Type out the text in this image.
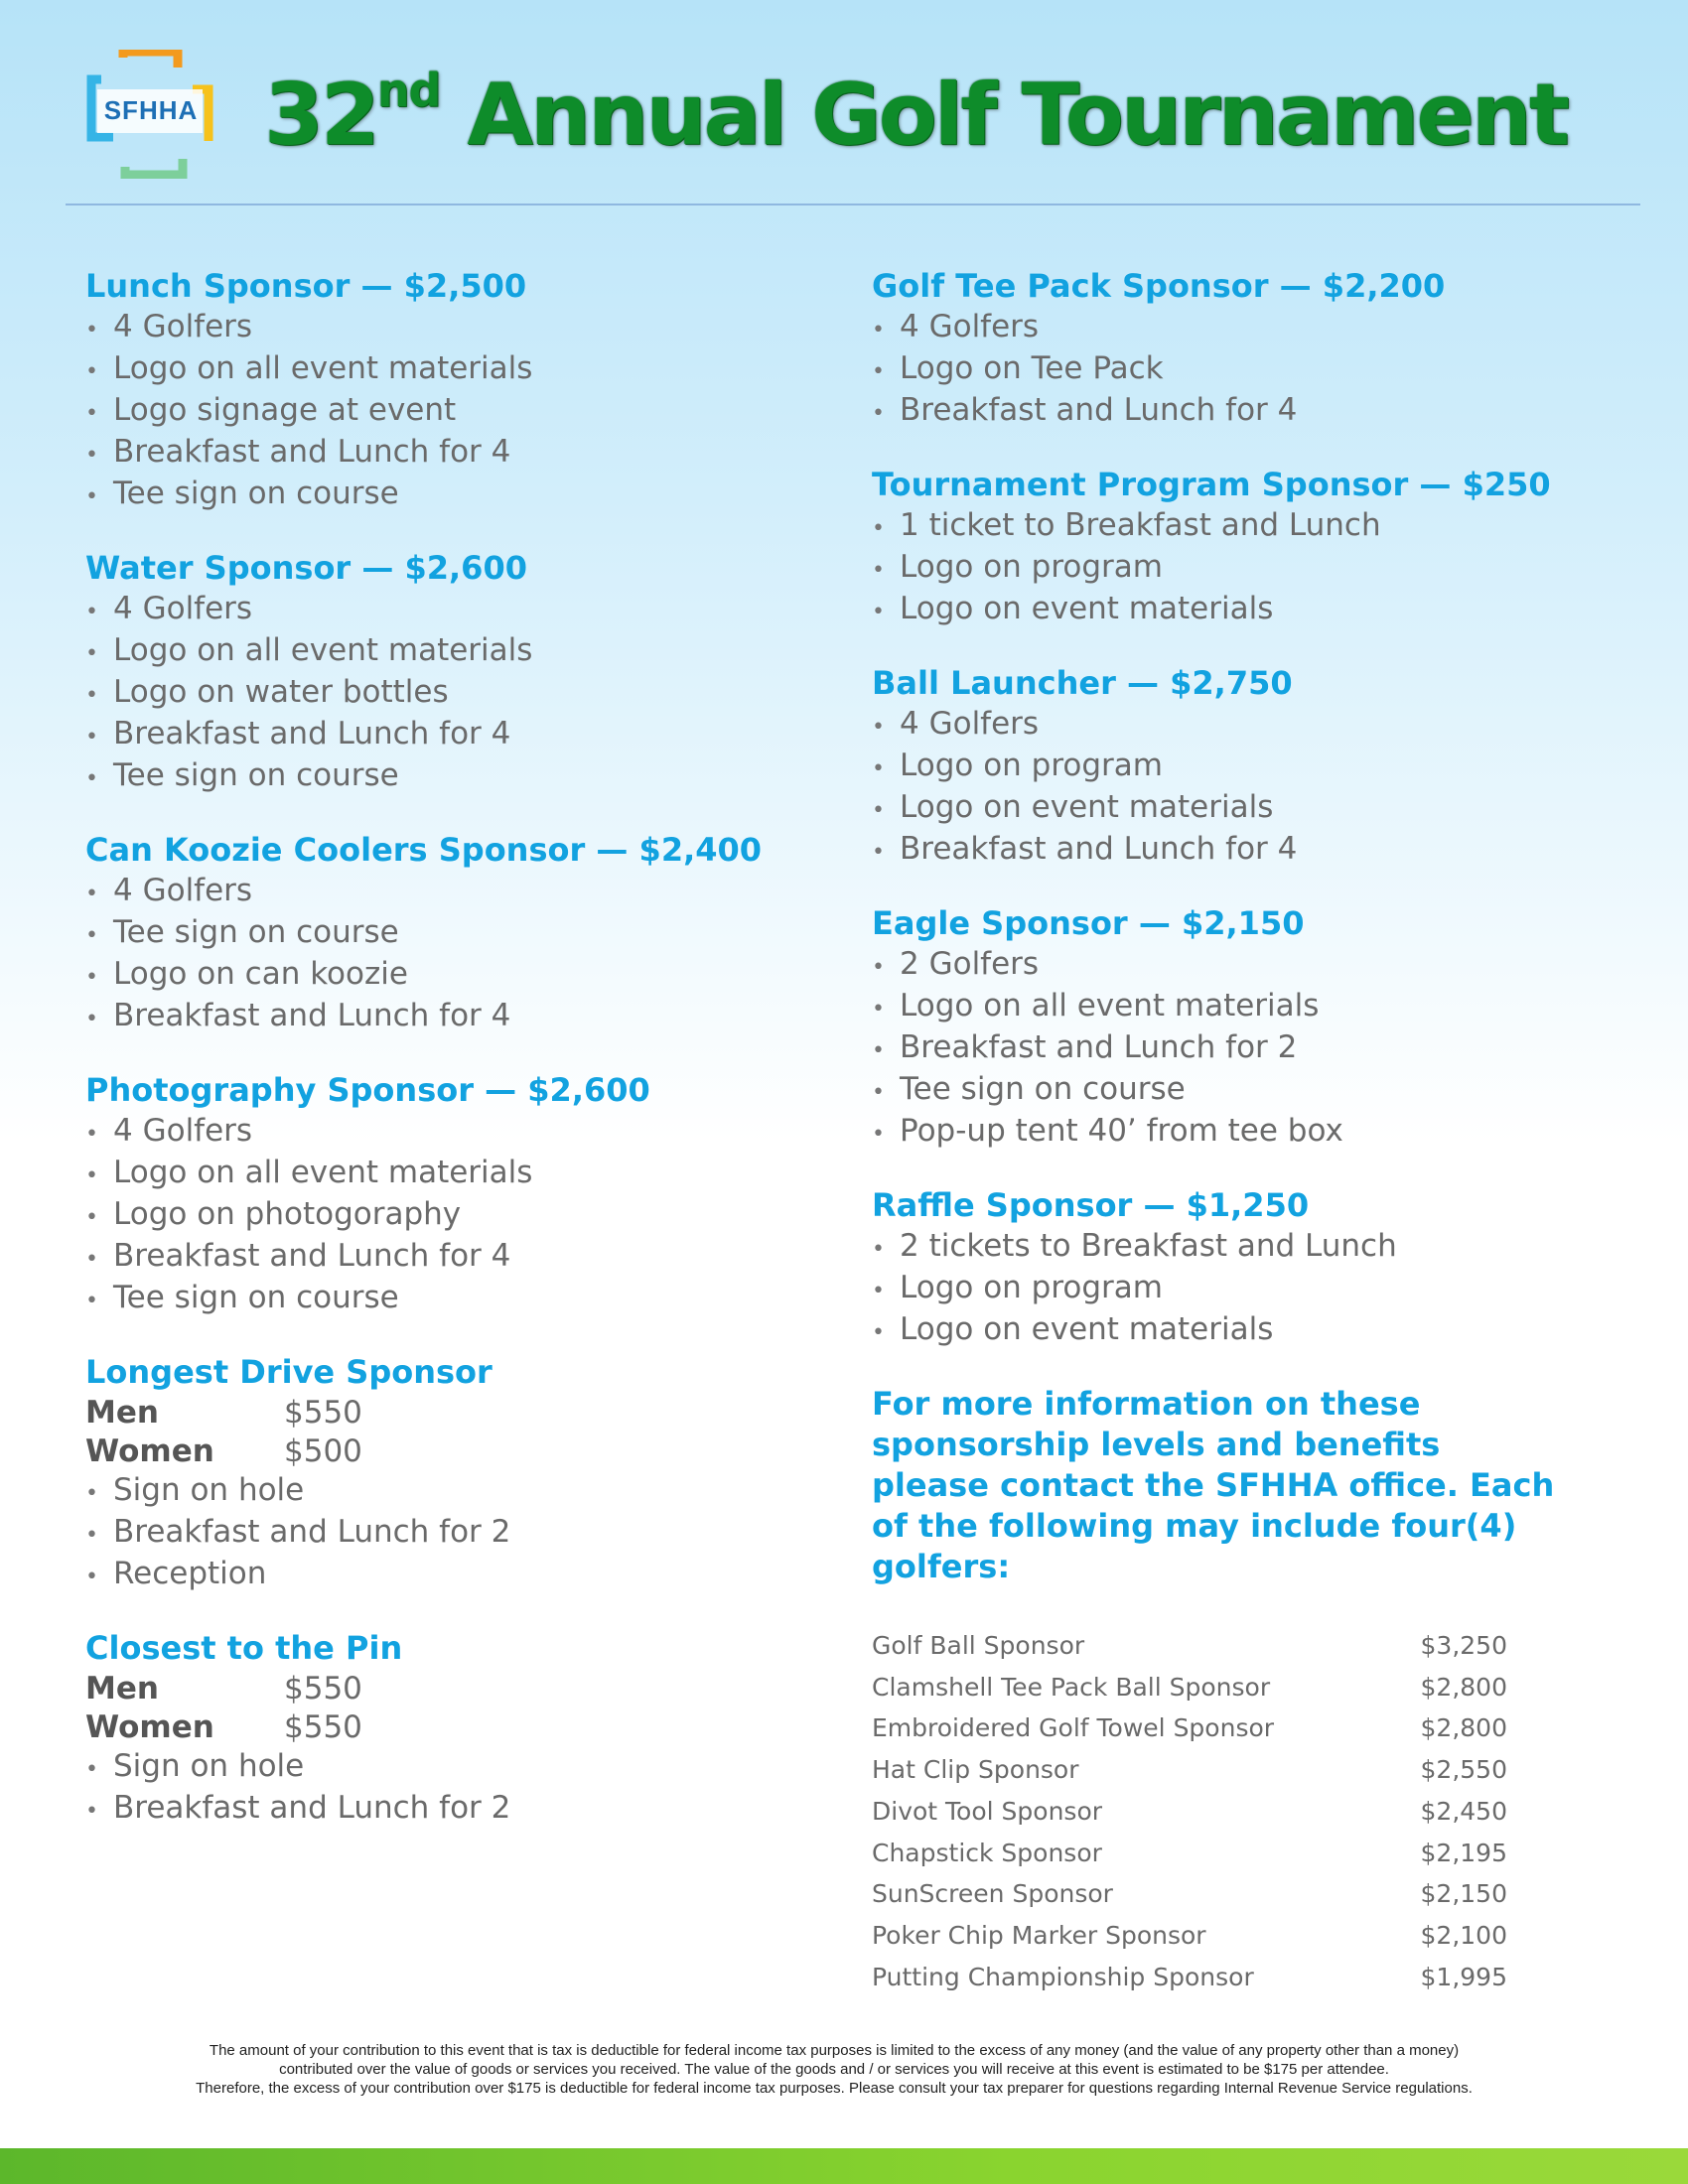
SFHHA 32nd Annual Golf Tournament
Lunch Sponsor — $2,500
• 4 Golfers
• Logo on all event materials
• Logo signage at event
• Breakfast and Lunch for 4
• Tee sign on course
Water Sponsor — $2,600
• 4 Golfers
• Logo on all event materials
• Logo on water bottles
• Breakfast and Lunch for 4
• Tee sign on course
Can Koozie Coolers Sponsor — $2,400
• 4 Golfers
• Tee sign on course
• Logo on can koozie
• Breakfast and Lunch for 4
Photography Sponsor — $2,600
• 4 Golfers
• Logo on all event materials
• Logo on photogoraphy
• Breakfast and Lunch for 4
• Tee sign on course
Longest Drive Sponsor
Men	$550
Women $500
• Sign on hole
• Breakfast and Lunch for 2
• Reception
Closest to the Pin
Men	$550
Women $550
• Sign on hole
• Breakfast and Lunch for 2
Golf Tee Pack Sponsor — $2,200
• 4 Golfers
• Logo on Tee Pack
• Breakfast and Lunch for 4
Tournament Program Sponsor — $250
• 1 ticket to Breakfast and Lunch
• Logo on program
• Logo on event materials
Ball Launcher — $2,750
• 4 Golfers
• Logo on program
• Logo on event materials
• Breakfast and Lunch for 4
Eagle Sponsor — $2,150
• 2 Golfers
• Logo on all event materials
• Breakfast and Lunch for 2
• Tee sign on course
• Pop-up tent 40’ from tee box
Raffle Sponsor — $1,250
• 2 tickets to Breakfast and Lunch
• Logo on program
• Logo on event materials

For more information on these sponsorship levels and benefits please contact the SFHHA office. Each of the following may include four(4) golfers:

Golf Ball Sponsor	$3,250
Clamshell Tee Pack Ball Sponsor	$2,800
Embroidered Golf Towel Sponsor	$2,800
Hat Clip Sponsor	$2,550
Divot Tool Sponsor	$2,450
Chapstick Sponsor	$2,195
SunScreen Sponsor	$2,150
Poker Chip Marker Sponsor	$2,100
Putting Championship Sponsor	$1,995
The amount of your contribution to this event that is tax is deductible for federal income tax purposes is limited to the excess of any money (and the value of any property other than a money)
contributed over the value of goods or services you received. The value of the goods and / or services you will receive at this event is estimated to be $175 per attendee.
Therefore, the excess of your contribution over $175 is deductible for federal income tax purposes. Please consult your tax preparer for questions regarding Internal Revenue Service regulations.
